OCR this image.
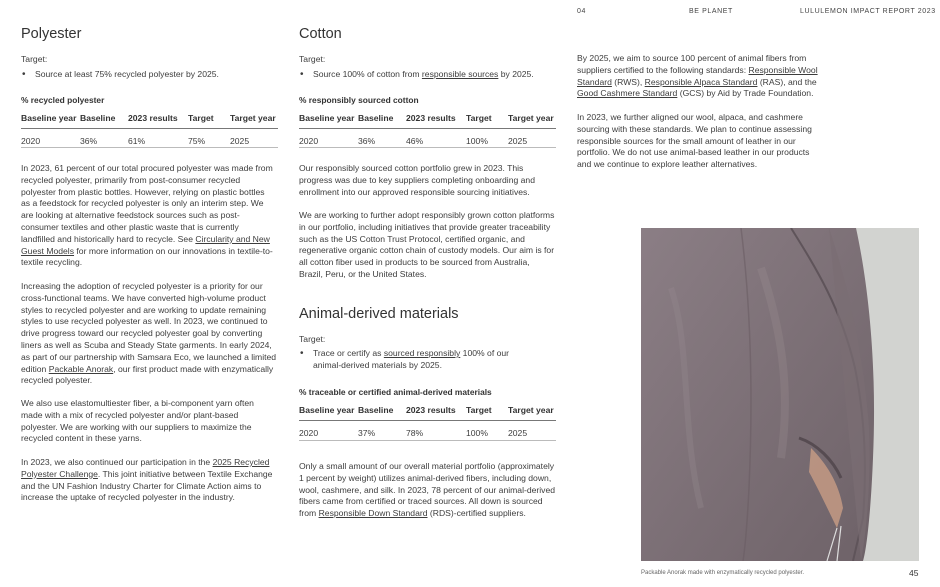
04	BE PLANET	LULULEMON IMPACT REPORT 2023
Polyester
Target:
• Source at least 75% recycled polyester by 2025.
% recycled polyester
Baseline year	Baseline	2023 results	Target	Target year
2020	36%	61%	75%	2025

In 2023, 61 percent of our total procured polyester was made from recycled polyester, primarily from post-consumer recycled polyester from plastic bottles. However, relying on plastic bottles as a feedstock for recycled polyester is only an interim step. We are looking at alternative feedstock sources such as post-consumer textiles and other plastic waste that is currently landfilled and historically hard to recycle. See Circularity and New Guest Models for more information on our innovations in textile-to-textile recycling.

Increasing the adoption of recycled polyester is a priority for our cross-functional teams. We have converted high-volume product styles to recycled polyester and are working to update remaining styles to use recycled polyester as well. In 2023, we continued to drive progress toward our recycled polyester goal by converting liners as well as Scuba and Steady State garments. In early 2024, as part of our partnership with Samsara Eco, we launched a limited edition Packable Anorak, our first product made with enzymatically recycled polyester.

We also use elastomultiester fiber, a bi-component yarn often made with a mix of recycled polyester and/or plant-based polyester. We are working with our suppliers to maximize the recycled content in these yarns.

In 2023, we also continued our participation in the 2025 Recycled Polyester Challenge. This joint initiative between Textile Exchange and the UN Fashion Industry Charter for Climate Action aims to increase the uptake of recycled polyester in the industry.

Cotton
Target:
• Source 100% of cotton from responsible sources by 2025.
% responsibly sourced cotton
Baseline year	Baseline	2023 results	Target	Target year
2020	36%	46%	100%	2025

Our responsibly sourced cotton portfolio grew in 2023. This progress was due to key suppliers completing onboarding and enrollment into our approved responsible sourcing initiatives.

We are working to further adopt responsibly grown cotton platforms in our portfolio, including initiatives that provide greater traceability such as the US Cotton Trust Protocol, certified organic, and regenerative organic cotton chain of custody models. Our aim is for all cotton fiber used in products to be sourced from Australia, Brazil, Peru, or the United States.

Animal-derived materials
Target:
• Trace or certify as sourced responsibly 100% of our animal-derived materials by 2025.
% traceable or certified animal-derived materials
Baseline year	Baseline	2023 results	Target	Target year
2020	37%	78%	100%	2025

Only a small amount of our overall material portfolio (approximately 1 percent by weight) utilizes animal-derived fibers, including down, wool, cashmere, and silk. In 2023, 78 percent of our animal-derived fibers came from certified or traced sources. All down is sourced from Responsible Down Standard (RDS)-certified suppliers.

By 2025, we aim to source 100 percent of animal fibers from suppliers certified to the following standards: Responsible Wool Standard (RWS), Responsible Alpaca Standard (RAS), and the Good Cashmere Standard (GCS) by Aid by Trade Foundation.

In 2023, we further aligned our wool, alpaca, and cashmere sourcing with these standards. We plan to continue assessing responsible sources for the small amount of leather in our portfolio. We do not use animal-based leather in our products and we continue to explore leather alternatives.

Packable Anorak made with enzymatically recycled polyester.	45
